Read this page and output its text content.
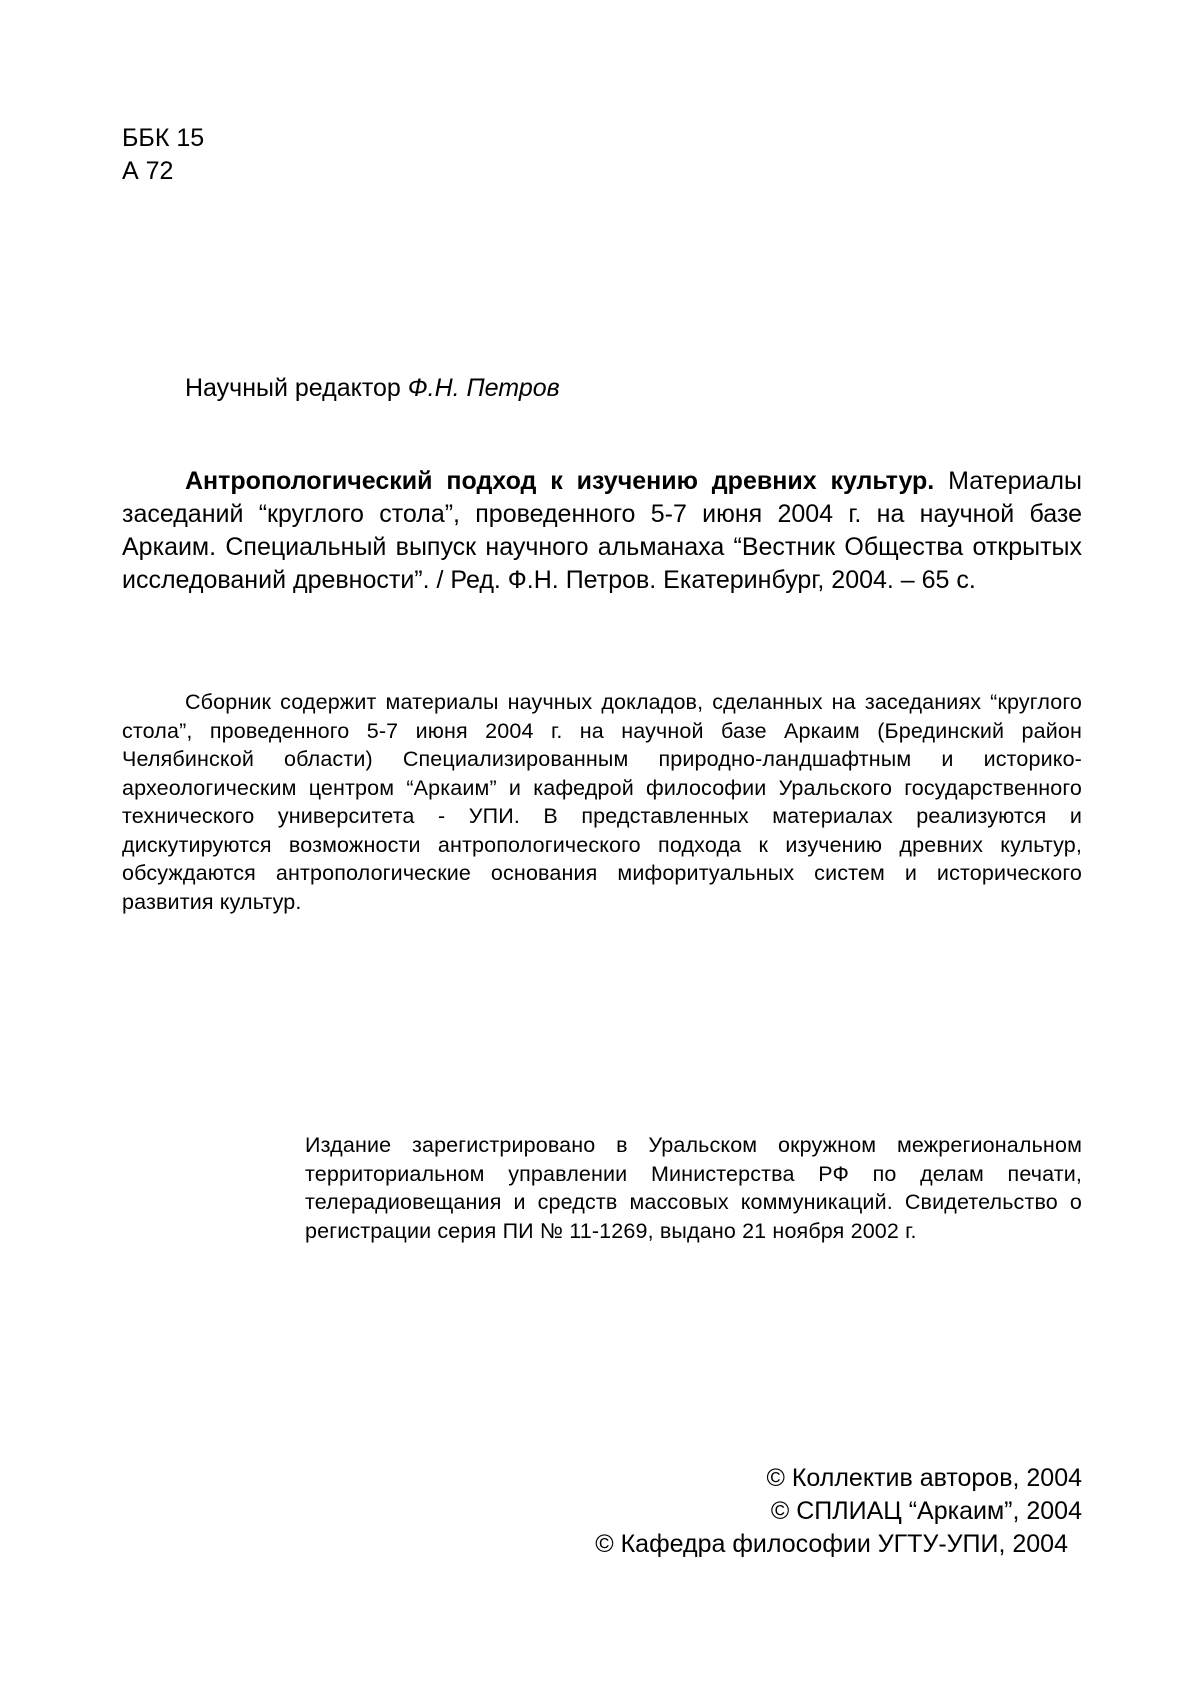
ББК 15
А 72
Научный редактор Ф.Н. Петров
Антропологический подход к изучению древних культур. Материалы заседаний “круглого стола”, проведенного 5-7 июня 2004 г. на научной базе Аркаим. Специальный выпуск научного альманаха “Вестник Общества открытых исследований древности”. / Ред. Ф.Н. Петров. Екатеринбург, 2004. – 65 с.
Сборник содержит материалы научных докладов, сделанных на заседаниях “круглого стола”, проведенного 5-7 июня 2004 г. на научной базе Аркаим (Брединский район Челябинской области) Специализированным природно-ландшафтным и историко-археологическим центром “Аркаим” и кафедрой философии Уральского государственного технического университета - УПИ. В представленных материалах реализуются и дискутируются возможности антропологического подхода к изучению древних культур, обсуждаются антропологические основания мифоритуальных систем и исторического развития культур.
Издание зарегистрировано в Уральском окружном межрегиональном территориальном управлении Министерства РФ по делам печати, телерадиовещания и средств массовых коммуникаций. Свидетельство о регистрации серия ПИ № 11-1269, выдано 21 ноября 2002 г.
© Коллектив авторов, 2004
© СПЛИАЦ “Аркаим”, 2004
© Кафедра философии УГТУ-УПИ, 2004
